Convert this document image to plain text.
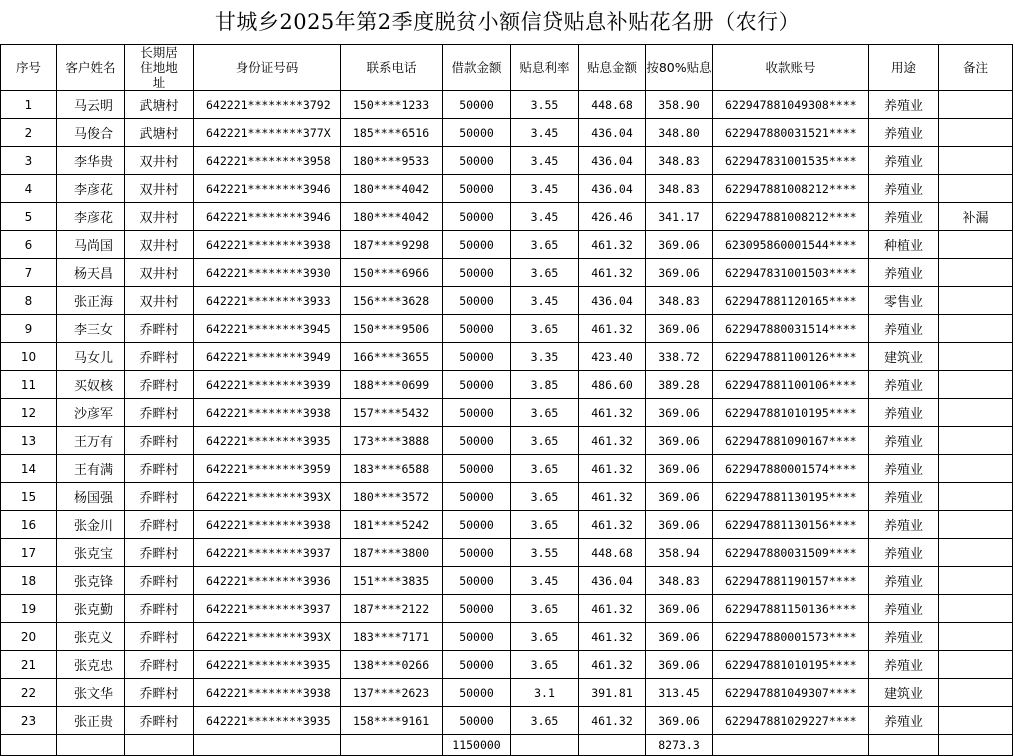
甘城乡2025年第2季度脱贫小额信贷贴息补贴花名册（农行）
序号	客户姓名	长期居住地地址	身份证号码	联系电话	借款金额	贴息利率	贴息金额	按80%贴息	收款账号	用途	备注
1	马云明	武塘村	642221********3792	150****1233	50000	3.55	448.68	358.90	622947881049308****	养殖业	
2	马俊合	武塘村	642221********377X	185****6516	50000	3.45	436.04	348.80	622947880031521****	养殖业	
3	李华贵	双井村	642221********3958	180****9533	50000	3.45	436.04	348.83	622947831001535****	养殖业	
4	李彦花	双井村	642221********3946	180****4042	50000	3.45	436.04	348.83	622947881008212****	养殖业	
5	李彦花	双井村	642221********3946	180****4042	50000	3.45	426.46	341.17	622947881008212****	养殖业	补漏
6	马尚国	双井村	642221********3938	187****9298	50000	3.65	461.32	369.06	623095860001544****	种植业	
7	杨天昌	双井村	642221********3930	150****6966	50000	3.65	461.32	369.06	622947831001503****	养殖业	
8	张正海	双井村	642221********3933	156****3628	50000	3.45	436.04	348.83	622947881120165****	零售业	
9	李三女	乔畔村	642221********3945	150****9506	50000	3.65	461.32	369.06	622947880031514****	养殖业	
10	马女儿	乔畔村	642221********3949	166****3655	50000	3.35	423.40	338.72	622947881100126****	建筑业	
11	买奴核	乔畔村	642221********3939	188****0699	50000	3.85	486.60	389.28	622947881100106****	养殖业	
12	沙彦军	乔畔村	642221********3938	157****5432	50000	3.65	461.32	369.06	622947881010195****	养殖业	
13	王万有	乔畔村	642221********3935	173****3888	50000	3.65	461.32	369.06	622947881090167****	养殖业	
14	王有满	乔畔村	642221********3959	183****6588	50000	3.65	461.32	369.06	622947880001574****	养殖业	
15	杨国强	乔畔村	642221********393X	180****3572	50000	3.65	461.32	369.06	622947881130195****	养殖业	
16	张金川	乔畔村	642221********3938	181****5242	50000	3.65	461.32	369.06	622947881130156****	养殖业	
17	张克宝	乔畔村	642221********3937	187****3800	50000	3.55	448.68	358.94	622947880031509****	养殖业	
18	张克锋	乔畔村	642221********3936	151****3835	50000	3.45	436.04	348.83	622947881190157****	养殖业	
19	张克勤	乔畔村	642221********3937	187****2122	50000	3.65	461.32	369.06	622947881150136****	养殖业	
20	张克义	乔畔村	642221********393X	183****7171	50000	3.65	461.32	369.06	622947880001573****	养殖业	
21	张克忠	乔畔村	642221********3935	138****0266	50000	3.65	461.32	369.06	622947881010195****	养殖业	
22	张文华	乔畔村	642221********3938	137****2623	50000	3.1	391.81	313.45	622947881049307****	建筑业	
23	张正贵	乔畔村	642221********3935	158****9161	50000	3.65	461.32	369.06	622947881029227****	养殖业	
					1150000			8273.3			
